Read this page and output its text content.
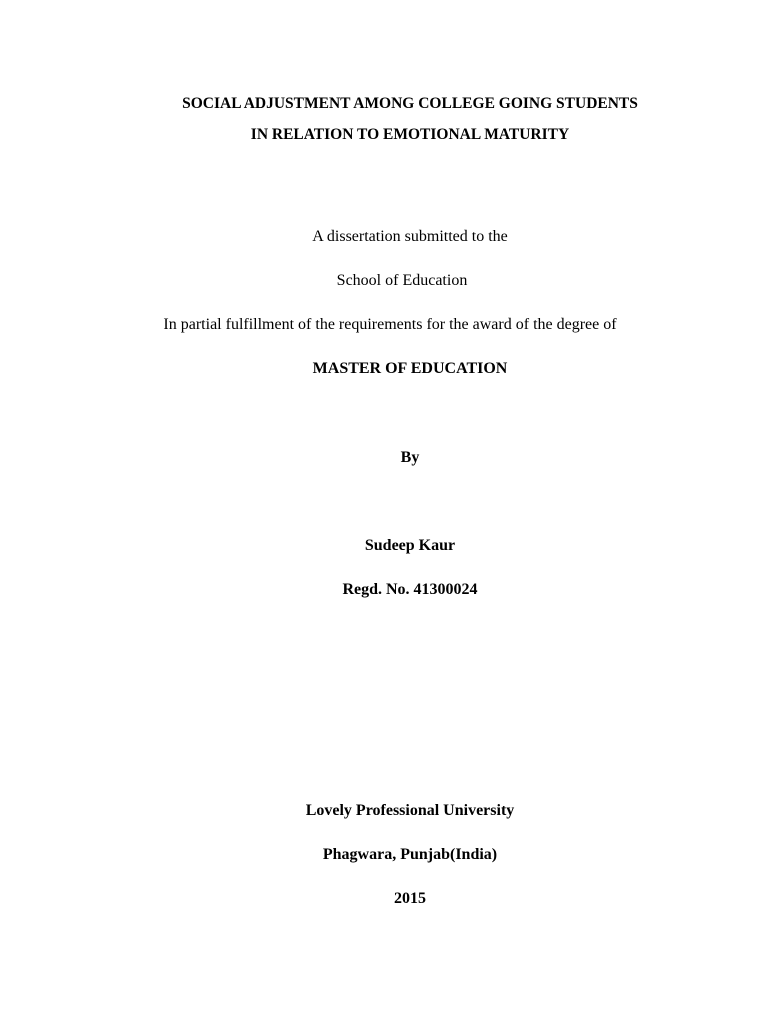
SOCIAL ADJUSTMENT AMONG COLLEGE GOING STUDENTS

IN RELATION TO EMOTIONAL MATURITY

A dissertation submitted to the

School of Education

In partial fulfillment of the requirements for the award of the degree of

MASTER OF EDUCATION

By

Sudeep Kaur

Regd. No. 41300024

Lovely Professional University

Phagwara, Punjab(India)

2015
